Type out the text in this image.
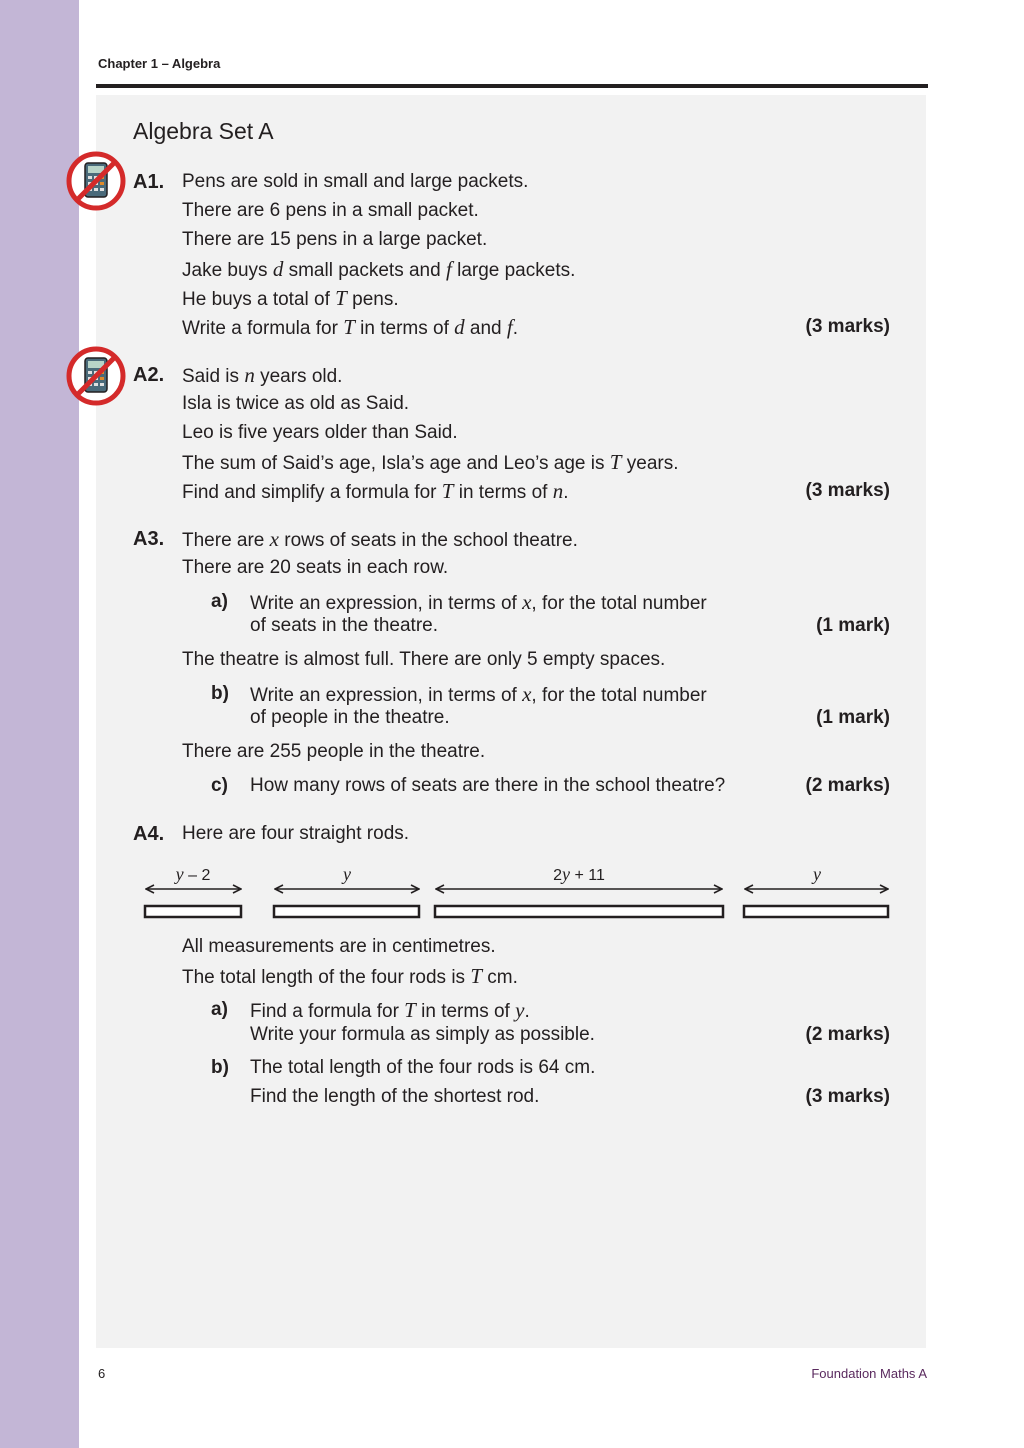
Chapter 1 – Algebra
Algebra Set A
A1. Pens are sold in small and large packets.
There are 6 pens in a small packet.
There are 15 pens in a large packet.
Jake buys d small packets and f large packets.
He buys a total of T pens.
Write a formula for T in terms of d and f.	(3 marks)
A2. Said is n years old.
Isla is twice as old as Said.
Leo is five years older than Said.
The sum of Said’s age, Isla’s age and Leo’s age is T years.
Find and simplify a formula for T in terms of n.	(3 marks)
A3. There are x rows of seats in the school theatre.
There are 20 seats in each row.
a) Write an expression, in terms of x, for the total number
of seats in the theatre.	(1 mark)
The theatre is almost full. There are only 5 empty spaces.
b) Write an expression, in terms of x, for the total number
of people in the theatre.	(1 mark)
There are 255 people in the theatre.
c) How many rows of seats are there in the school theatre?	(2 marks)
A4. Here are four straight rods.
y – 2	y	2y + 11	y
All measurements are in centimetres.
The total length of the four rods is T cm.
a) Find a formula for T in terms of y.
Write your formula as simply as possible.	(2 marks)
b) The total length of the four rods is 64 cm.
Find the length of the shortest rod.	(3 marks)
6	Foundation Maths A
